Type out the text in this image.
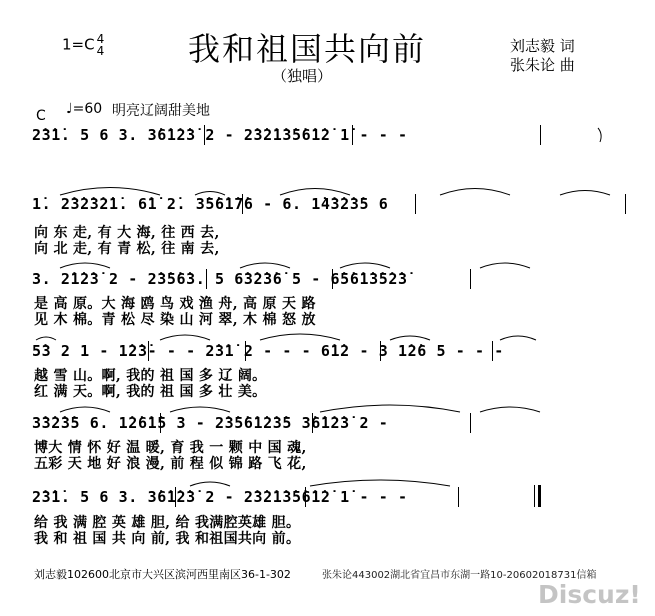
1=C 4
4	我和祖国共向前
（独唱）
刘志毅 词
张朱论 曲
C ♩=60 明亮辽阔甜美地
2̇3̇1̇. 5 6 3. 3̇6̇1̇2̇3̇ 2 - 2̇3̇2̇1̇3̇5̇6̇1̇2̇ 1̇ - - -
1̇. 2̇3̇2̇3̇2̇1̇. 6̇1̇ 2̇. 3̇5̇6̇1̇7̇6 - 6. 1̇4̇3̇2̇3̇5 6
向 东 走, 有 大 海, 往 西 去,
向 北 走, 有 青 松, 往 南 去,
3. 2̇1̇2̇3̇ 2 - 2̇3̇5̇6̇3. 5 6̇3̇2̇3̇6̇ 5 - 6̇5̇6̇1̇3̇5̇2̇3̇
是 高 原。大 海 鸥 鸟 戏 渔 舟, 高 原 天 路
见 木 棉。青 松 尽 染 山 河 翠, 木 棉 怒 放
5̇3 2 1 - 1̇2̇3̇- - - 2̇3̇1̇ 2 - - - 6̇1̇2 - 3 1̇2̇6 5 - - -
越 雪 山。啊, 我的 祖 国 多 辽 阔。
红 满 天。啊, 我的 祖 国 多 壮 美。
3̇3̇2̇3̇5 6. 1̇2̇6̇1̇5 3 - 2̇3̇5̇6̇1̇2̇3̇5 3̇6̇1̇2̇3̇ 2 -
博大 情 怀 好 温 暖, 育 我 一 颗 中 国 魂,
五彩 天 地 好 浪 漫, 前 程 似 锦 路 飞 花,
2̇3̇1̇. 5 6 3. 3̇6̇1̇2̇3̇ 2 - 2̇3̇2̇1̇3̇5̇6̇1̇2̇ 1̇ - - -
给 我 满 腔 英 雄 胆, 给 我满腔英雄 胆。
我 和 祖 国 共 向 前, 我 和祖国共向 前。
刘志毅102600北京市大兴区滨河西里南区36-1-302	张朱论443002湖北省宜昌市东湖一路10-20602018731信箱
Discuz!
